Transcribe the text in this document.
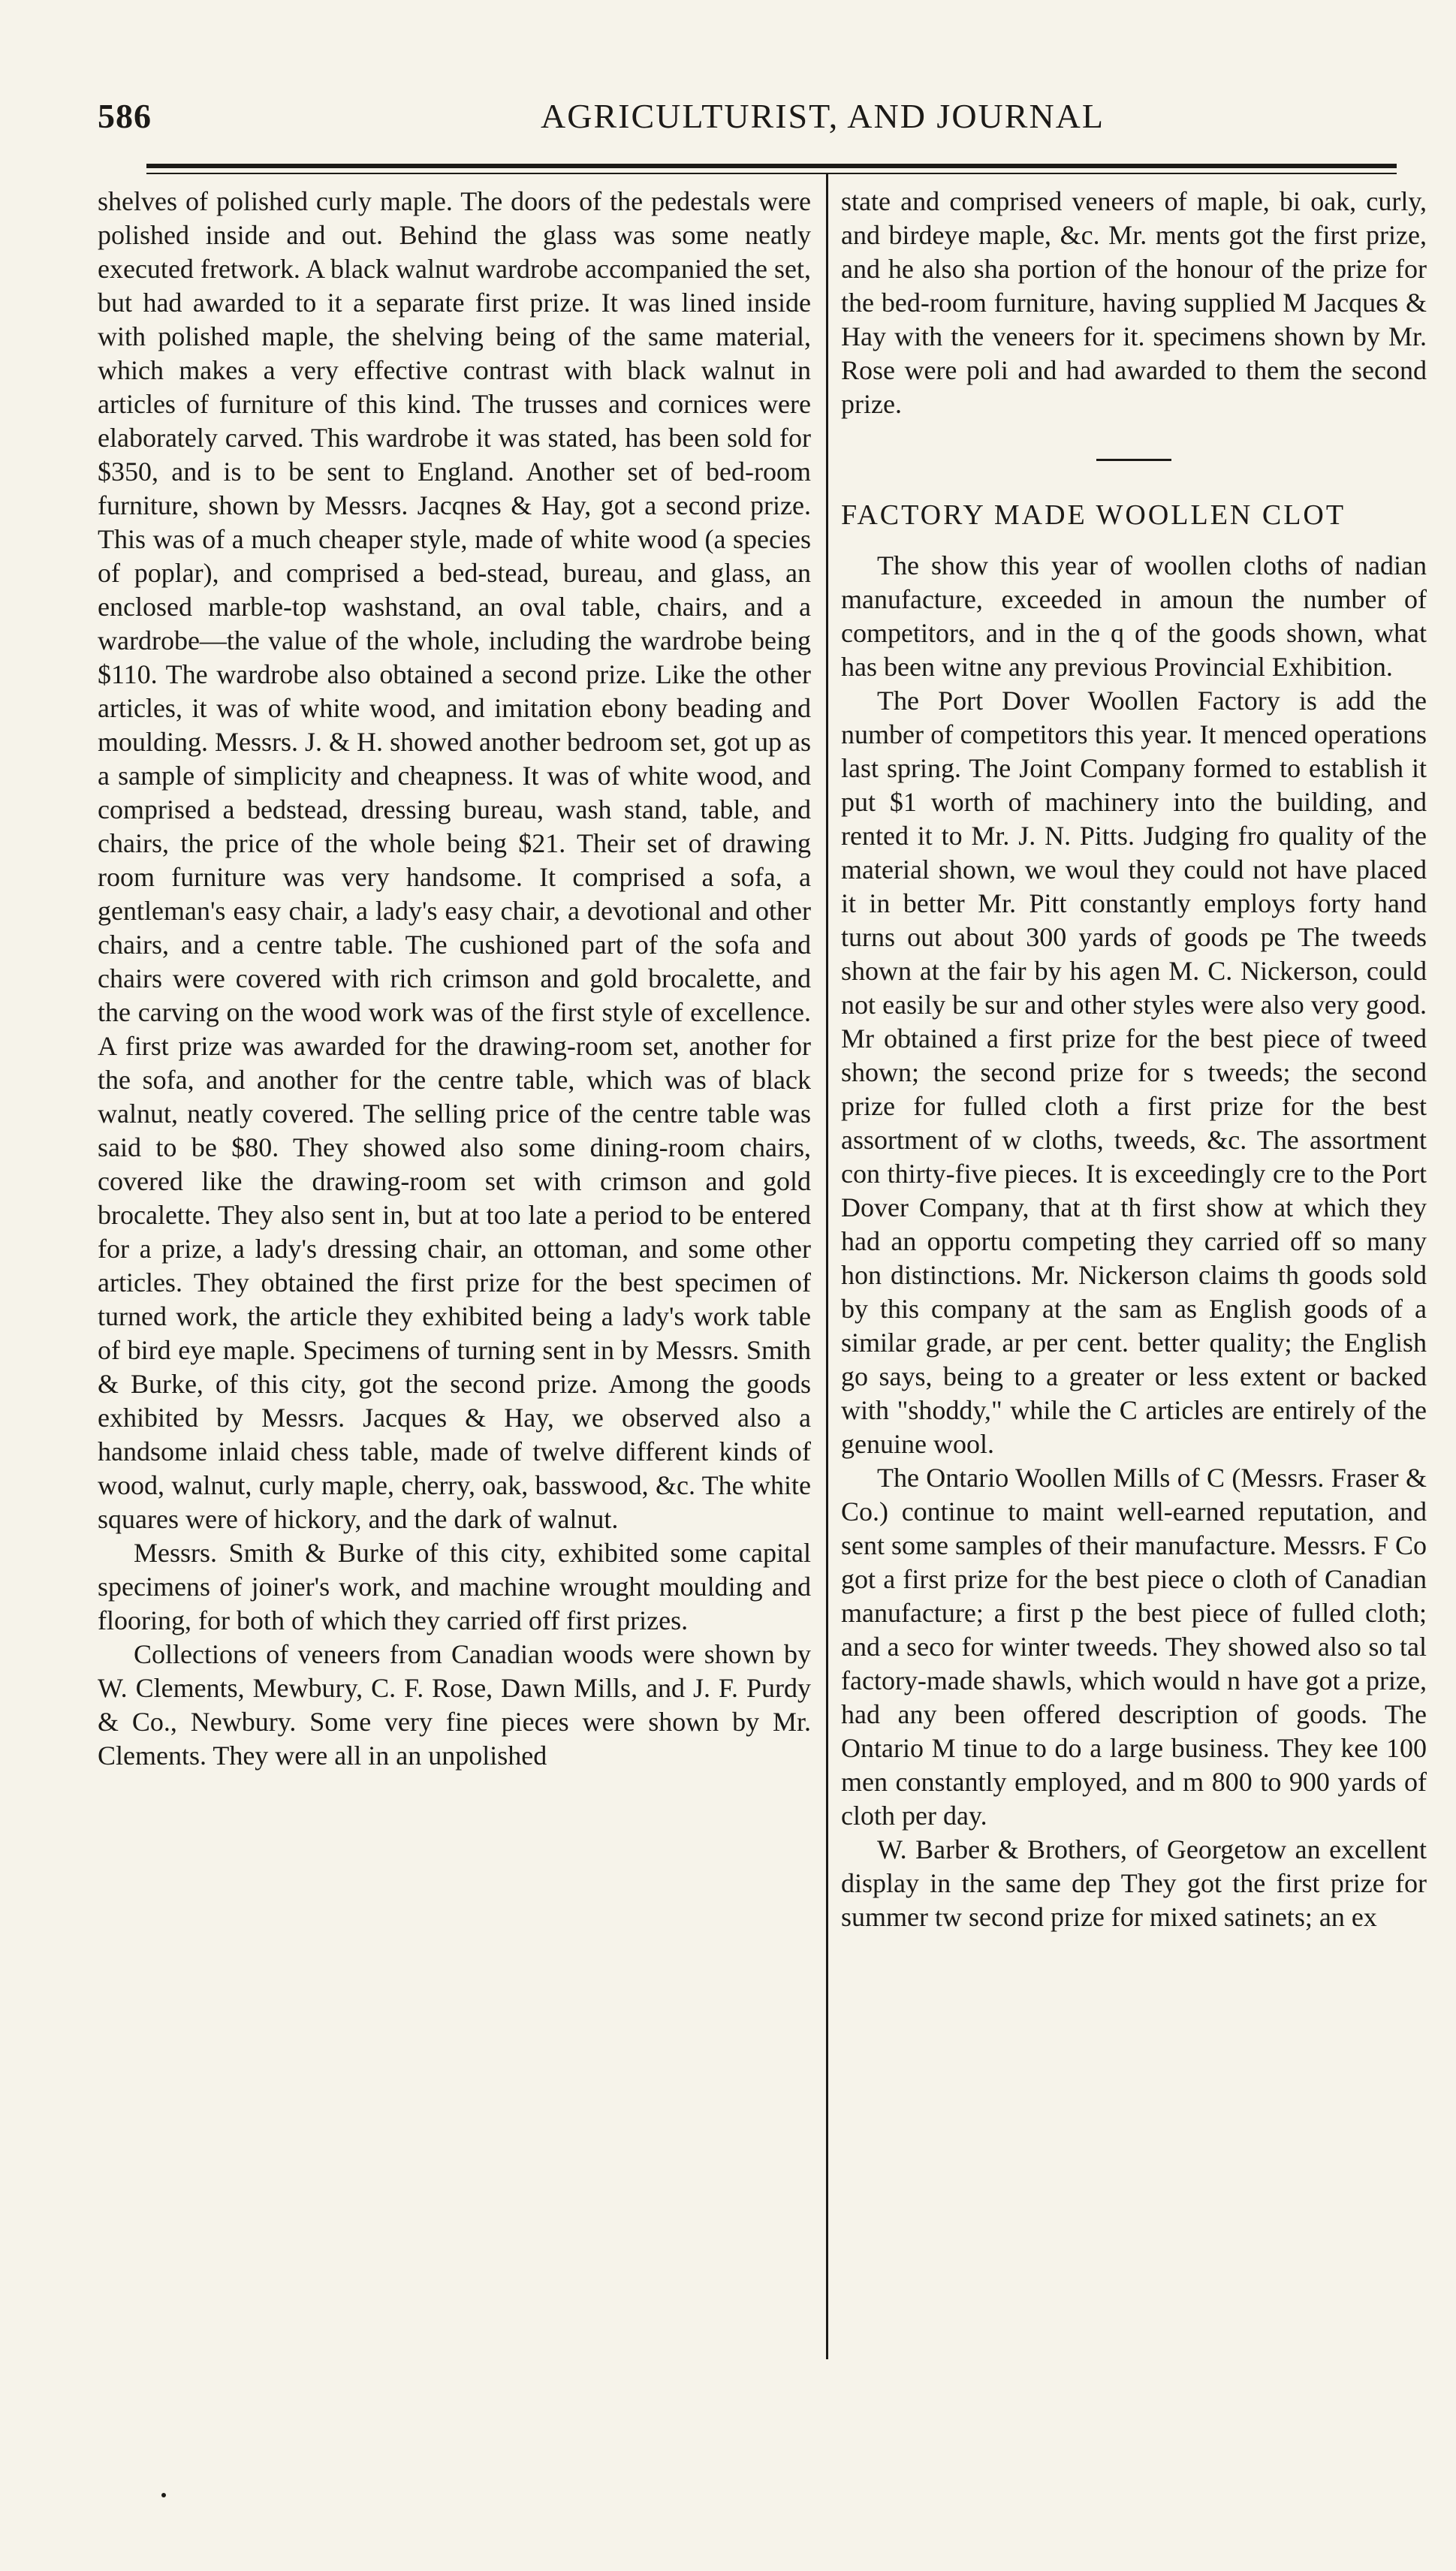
586	AGRICULTURIST, AND JOURNAL

shelves of polished curly maple. The doors of the pedestals were polished inside and out. Behind the glass was some neatly executed fretwork. A black walnut wardrobe accompanied the set, but had awarded to it a separate first prize. It was lined inside with polished maple, the shelving being of the same material, which makes a very effective contrast with black walnut in articles of furniture of this kind. The trusses and cornices were elaborately carved. This wardrobe it was stated, has been sold for $350, and is to be sent to England. Another set of bed-room furniture, shown by Messrs. Jacqnes & Hay, got a second prize. This was of a much cheaper style, made of white wood (a species of poplar), and comprised a bed-stead, bureau, and glass, an enclosed marble-top washstand, an oval table, chairs, and a wardrobe—the value of the whole, including the wardrobe being $110. The wardrobe also obtained a second prize. Like the other articles, it was of white wood, and imitation ebony beading and moulding. Messrs. J. & H. showed another bedroom set, got up as a sample of simplicity and cheapness. It was of white wood, and comprised a bedstead, dressing bureau, wash stand, table, and chairs, the price of the whole being $21. Their set of drawing room furniture was very handsome. It comprised a sofa, a gentleman's easy chair, a lady's easy chair, a devotional and other chairs, and a centre table. The cushioned part of the sofa and chairs were covered with rich crimson and gold brocalette, and the carving on the wood work was of the first style of excellence. A first prize was awarded for the drawing-room set, another for the sofa, and another for the centre table, which was of black walnut, neatly covered. The selling price of the centre table was said to be $80. They showed also some dining-room chairs, covered like the drawing-room set with crimson and gold brocalette. They also sent in, but at too late a period to be entered for a prize, a lady's dressing chair, an ottoman, and some other articles. They obtained the first prize for the best specimen of turned work, the article they exhibited being a lady's work table of bird eye maple. Specimens of turning sent in by Messrs. Smith & Burke, of this city, got the second prize. Among the goods exhibited by Messrs. Jacques & Hay, we observed also a handsome inlaid chess table, made of twelve different kinds of wood, walnut, curly maple, cherry, oak, basswood, &c. The white squares were of hickory, and the dark of walnut.

Messrs. Smith & Burke of this city, exhibited some capital specimens of joiner's work, and machine wrought moulding and flooring, for both of which they carried off first prizes.

Collections of veneers from Canadian woods were shown by W. Clements, Mewbury, C. F. Rose, Dawn Mills, and J. F. Purdy & Co., Newbury. Some very fine pieces were shown by Mr. Clements. They were all in an unpolished

state and comprised veneers of maple, bi oak, curly, and birdeye maple, &c. Mr. ments got the first prize, and he also sha portion of the honour of the prize for the bed-room furniture, having supplied M Jacques & Hay with the veneers for it. specimens shown by Mr. Rose were poli and had awarded to them the second prize.

FACTORY MADE WOOLLEN CLOT

The show this year of woollen cloths of nadian manufacture, exceeded in amoun the number of competitors, and in the q of the goods shown, what has been witne any previous Provincial Exhibition.

The Port Dover Woollen Factory is add the number of competitors this year. It menced operations last spring. The Joint Company formed to establish it put $1 worth of machinery into the building, and rented it to Mr. J. N. Pitts. Judging fro quality of the material shown, we woul they could not have placed it in better Mr. Pitt constantly employs forty hand turns out about 300 yards of goods pe The tweeds shown at the fair by his agen M. C. Nickerson, could not easily be sur and other styles were also very good. Mr obtained a first prize for the best piece of tweed shown; the second prize for s tweeds; the second prize for fulled cloth a first prize for the best assortment of w cloths, tweeds, &c. The assortment con thirty-five pieces. It is exceedingly cre to the Port Dover Company, that at th first show at which they had an opportu competing they carried off so many hon distinctions. Mr. Nickerson claims th goods sold by this company at the sam as English goods of a similar grade, ar per cent. better quality; the English go says, being to a greater or less extent or backed with "shoddy," while the C articles are entirely of the genuine wool.

The Ontario Woollen Mills of C (Messrs. Fraser & Co.) continue to maint well-earned reputation, and sent some samples of their manufacture. Messrs. F Co got a first prize for the best piece o cloth of Canadian manufacture; a first p the best piece of fulled cloth; and a seco for winter tweeds. They showed also so tal factory-made shawls, which would n have got a prize, had any been offered description of goods. The Ontario M tinue to do a large business. They kee 100 men constantly employed, and m 800 to 900 yards of cloth per day.

W. Barber & Brothers, of Georgetow an excellent display in the same dep They got the first prize for summer tw second prize for mixed satinets; an ex
